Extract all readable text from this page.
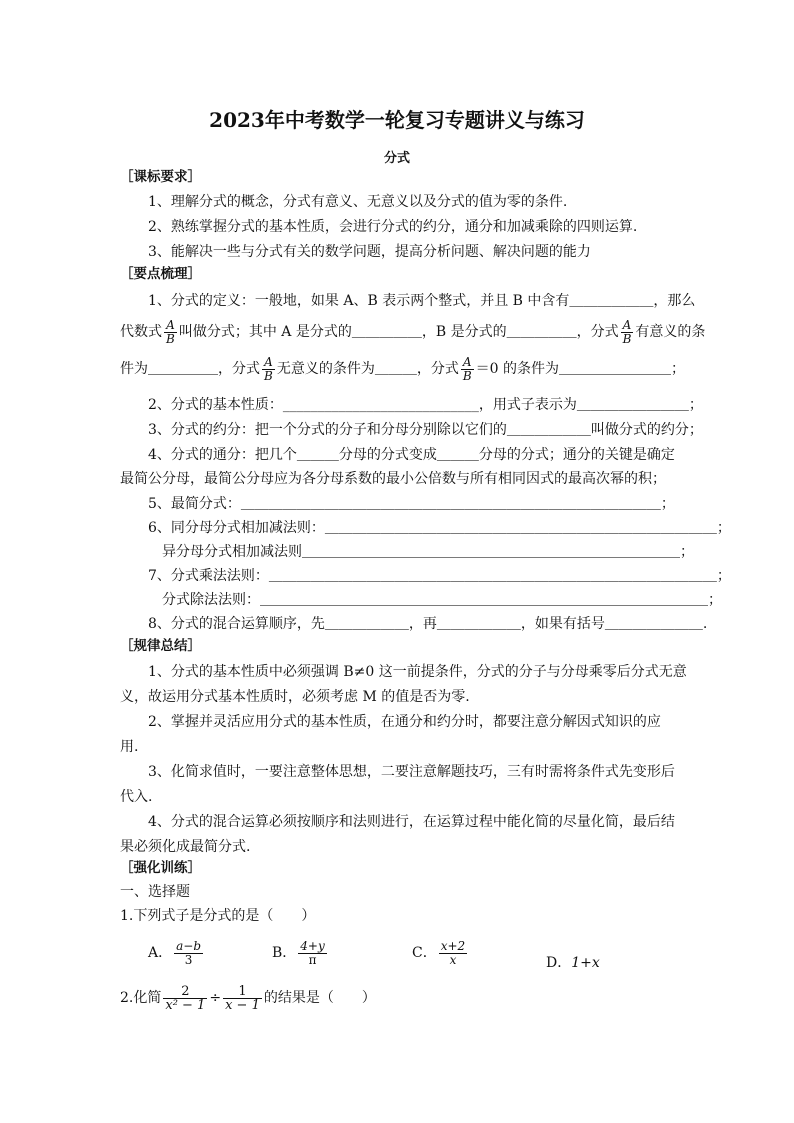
2023年中考数学一轮复习专题讲义与练习
分式
［课标要求］
1、理解分式的概念，分式有意义、无意义以及分式的值为零的条件.
2、熟练掌握分式的基本性质，会进行分式的约分，通分和加减乘除的四则运算.
3、能解决一些与分式有关的数学问题，提高分析问题、解决问题的能力
［要点梳理］
1、分式的定义：一般地，如果 A、B 表示两个整式，并且 B 中含有＿＿＿＿＿＿，那么
代数式 $\frac{A}{B}$ 叫做分式；其中 A 是分式的＿＿＿＿＿，B 是分式的＿＿＿＿＿，分式 $\frac{A}{B}$ 有意义的条
件为＿＿＿＿＿，分式 $\frac{A}{B}$ 无意义的条件为＿＿＿，分式 $\frac{A}{B} =0$ 的条件为＿＿＿＿＿＿＿＿；
2、分式的基本性质：____________________________，用式子表示为＿＿＿＿＿＿＿＿；
3、分式的约分：把一个分式的分子和分母分别除以它们的＿＿＿＿＿＿叫做分式的约分；
4、分式的通分：把几个＿＿＿分母的分式变成＿＿＿分母的分式；通分的关键是确定
最简公分母，最简公分母应为各分母系数的最小公倍数与所有相同因式的最高次幂的积；
5、最简分式：＿＿＿＿＿＿＿＿＿＿＿＿＿＿＿＿＿＿＿＿＿＿＿＿＿＿＿＿＿＿；
6、同分母分式相加减法则：＿＿＿＿＿＿＿＿＿＿＿＿＿＿＿＿＿＿＿＿＿＿＿＿＿＿＿＿；
异分母分式相加减法则＿＿＿＿＿＿＿＿＿＿＿＿＿＿＿＿＿＿＿＿＿＿＿＿＿＿＿；
7、分式乘法法则：＿＿＿＿＿＿＿＿＿＿＿＿＿＿＿＿＿＿＿＿＿＿＿＿＿＿＿＿＿＿＿＿；
分式除法法则：＿＿＿＿＿＿＿＿＿＿＿＿＿＿＿＿＿＿＿＿＿＿＿＿＿＿＿＿＿＿＿＿；
8、分式的混合运算顺序，先＿＿＿＿＿＿，再＿＿＿＿＿＿，如果有括号＿＿＿＿＿＿＿.
［规律总结］
1、分式的基本性质中必须强调 B≠0 这一前提条件，分式的分子与分母乘零后分式无意
义，故运用分式基本性质时，必须考虑 M 的值是否为零.
2、掌握并灵活应用分式的基本性质，在通分和约分时，都要注意分解因式知识的应
用.
3、化简求值时，一要注意整体思想，二要注意解题技巧，三有时需将条件式先变形后
代入.
4、分式的混合运算必须按顺序和法则进行，在运算过程中能化简的尽量化简，最后结
果必须化成最简分式.
［强化训练］
一、选择题
1.下列式子是分式的是（　　）
A． $\frac{a-b}{3}$	B． $\frac{4+y}{\pi}$	C． $\frac{x+2}{x}$	D．1+x
2.化简 $\frac{2}{\text{x² − 1}} \div \frac{1}{x - 1}$ 的结果是（　　）
